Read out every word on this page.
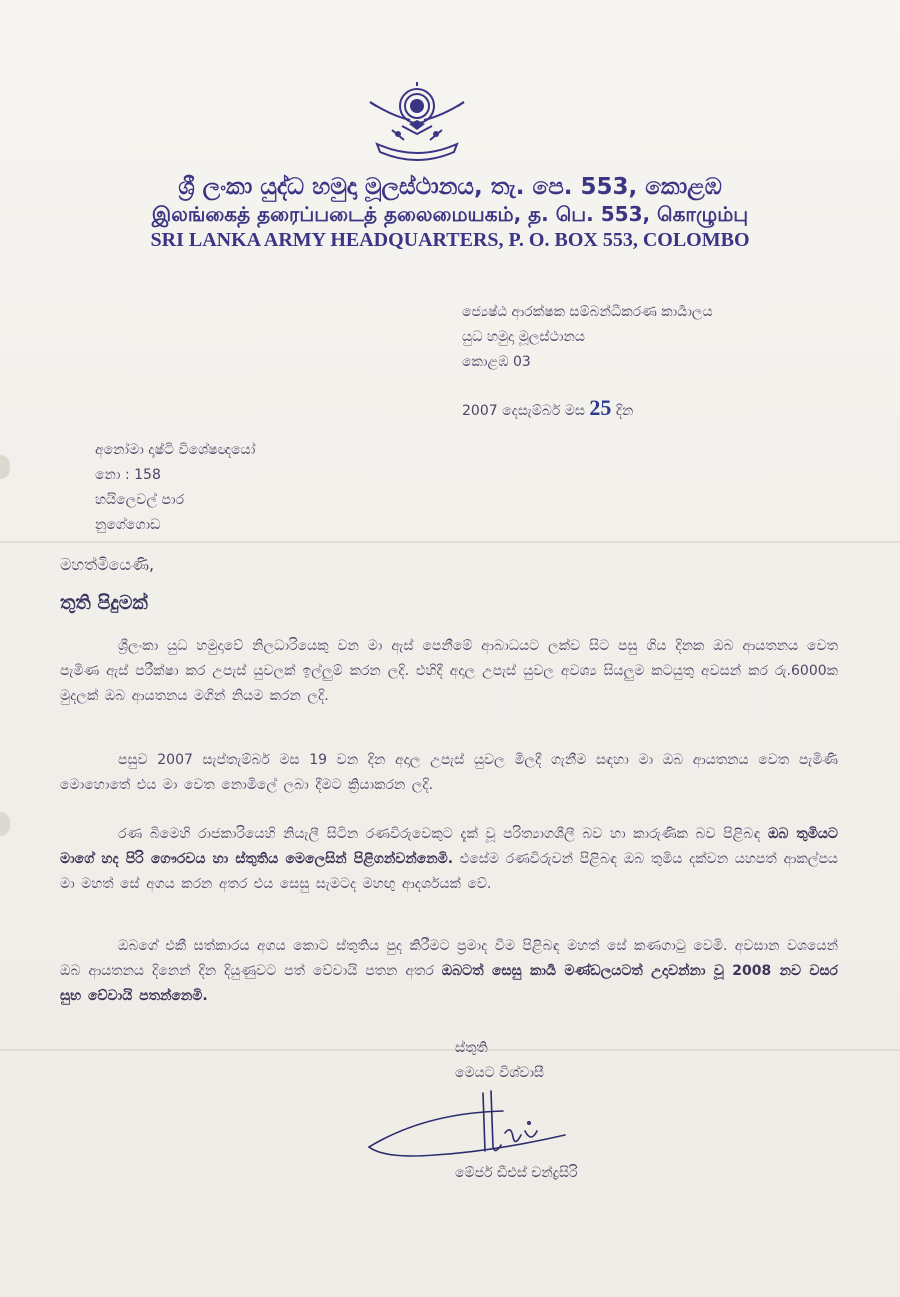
ශ්‍රී ලංකා යුද්ධ හමුදා මූලස්ථානය, තැ. පෙ. 553, කොළඹ
இலங்கைத் தரைப்படைத் தலைமையகம், த. பெ. 553, கொழும்பு
SRI LANKA ARMY HEADQUARTERS, P. O. BOX 553, COLOMBO
ජ්‍යෙෂ්ඨ ආරක්ෂක සම්බන්ධීකරණ කාර්‍යාලය
යුධ හමුදා මූලස්ථානය
කොළඹ 03
2007 දෙසැම්බර් මස 25 දින
අනෝමා දෘෂ්ටි විශේෂඥයෝ
නො : 158
හයිලෙවල් පාර
නුගේගොඩ
මහත්මියෙණි,
තුති පිදුමක්
ශ්‍රීලංකා යුධ හමුදාවේ නිලධාරියෙකු වන මා ඇස් පෙනීමේ ආබාධයට ලක්ව සිට පසු ගිය දිනක ඔබ ආයතනය වෙත පැමිණ ඇස් පරීක්ෂා කර උපැස් යුවලක් ඉල්ලුම් කරන ලදි. එහිදී අදාල උපැස් යුවල අවශ්‍ය සියලුම කටයුතු අවසන් කර රු.6000ක මුදලක් ඔබ ආයතනය මගින් නියම කරන ලදි.
පසුව 2007 සැප්තැම්බර් මස 19 වන දින අදාල උපැස් යුවල මිලදී ගැනීම සඳහා මා ඔබ ආයතනය වෙත පැමිණි මොහොතේ එය මා වෙත නොමිලේ ලබා දීමට ක්‍රියාකරන ලදි.
රණ බිමෙහි රාජකාරියෙහි නියැලී සිටින රණවිරුවෙකුට දැක් වූ පරිත්‍යාගශීලී බව හා කාරුණික බව පිළිබඳ ඔබ තුමියට මාගේ හද පිරි ගෞරවය හා ස්තුතිය මෙලෙසින් පිළිගන්වන්නෙමි. එසේම රණවිරුවන් පිළිබඳ ඔබ තුමිය දක්වන යහපත් ආකල්පය මා මහත් සේ අගය කරන අතර එය සෙසු සැමටද මහඟු ආදර්ශයක් වේ.
ඔබගේ එකී සත්කාරය අගය කොට ස්තුතිය පුද කිරීමට ප්‍රමාද වීම පිළිබඳ මහත් සේ කණගාටු වෙමි. අවසාන වශයෙන් ඔබ ආයතනය දිනෙන් දින දියුණුවට පත් වේවායි පතන අතර ඔබටත් සෙසු කාර්‍ය මණ්ඩලයටත් උදාවන්නා වූ 2008 නව වසර සුභ වේවායි පතන්නෙමි.
ස්තුති
මෙයට විශ්වාසී
මේජර් ඩීඑස් චන්ද්‍රසිරි
